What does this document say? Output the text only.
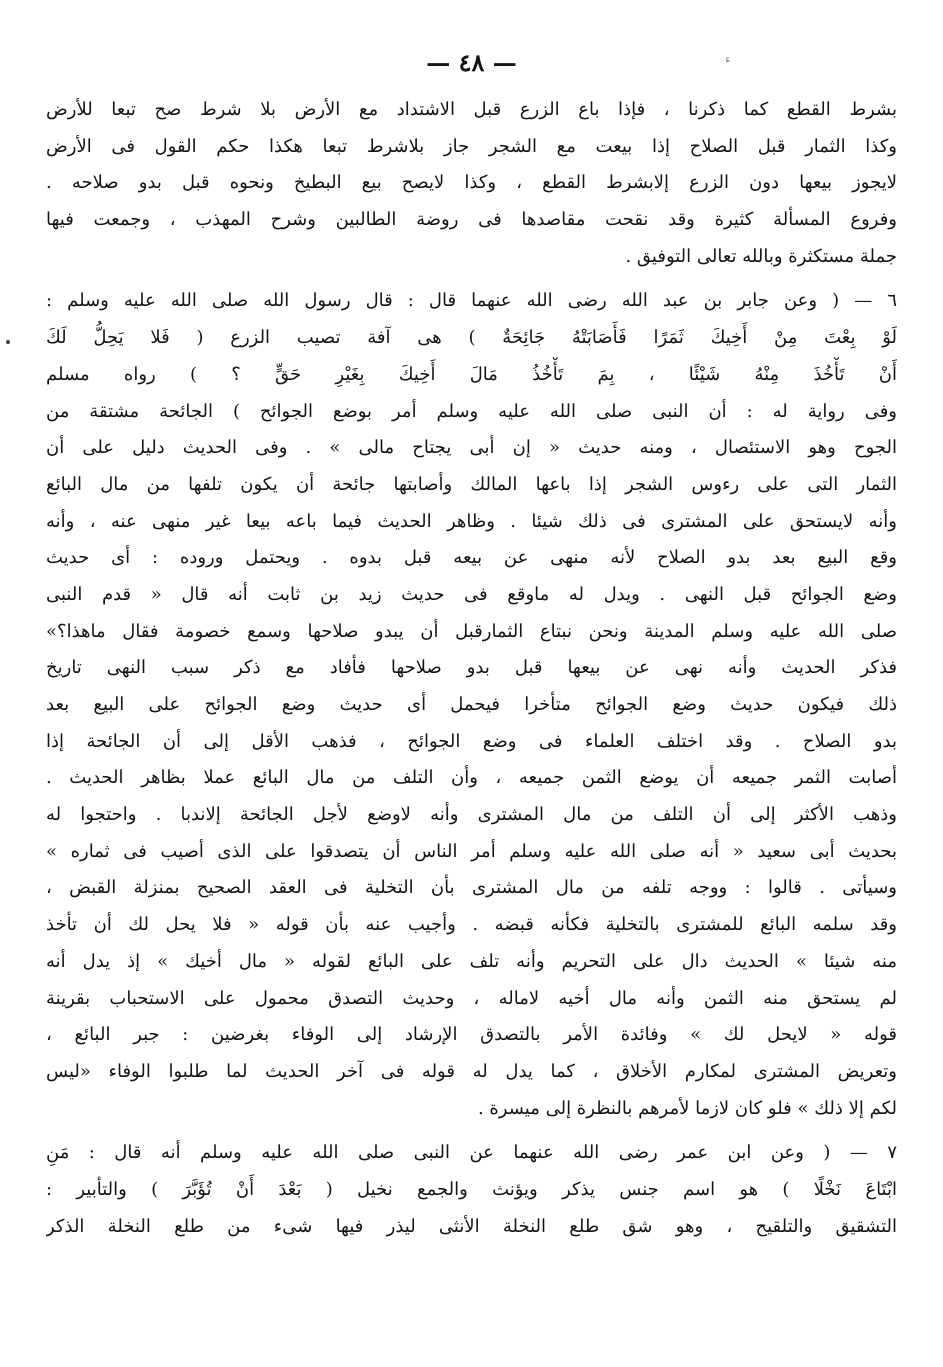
— ٤٨ —	ء
بشرط القطع كما ذكرنا ، فإذا باع الزرع قبل الاشتداد مع الأرض بلا شرط صح تبعا للأرض
وكذا الثمار قبل الصلاح إذا بيعت مع الشجر جاز بلاشرط تبعا هكذا حكم القول فى الأرض
لايجوز بيعها دون الزرع إلابشرط القطع ، وكذا لايصح بيع البطيخ ونحوه قبل بدو صلاحه .
وفروع المسألة كثيرة وقد نقحت مقاصدها فى روضة الطالبين وشرح المهذب ، وجمعت فيها
جملة مستكثرة وبالله تعالى التوفيق .
٦ — ( وعن جابر بن عبد الله رضى الله عنهما قال : قال رسول الله صلى الله عليه وسلم :
لَوْ بِعْتَ مِنْ أَخِيكَ ثَمَرًا فَأَصَابَتْهُ جَائِحَةٌ ) هى آفة تصيب الزرع ( فَلا يَحِلُّ لَكَ
أَنْ تَأْخُذَ مِنْهُ شَيْئًا ، بِمَ تَأْخُذُ مَالَ أَخِيكَ بِغَيْرِ حَقٍّ ؟ ) رواه مسلم
وفى رواية له : أن النبى صلى الله عليه وسلم أمر بوضع الجوائح ) الجائحة مشتقة من
الجوح وهو الاستئصال ، ومنه حديث « إن أبى يجتاح مالى » . وفى الحديث دليل على أن
الثمار التى على رءوس الشجر إذا باعها المالك وأصابتها جائحة أن يكون تلفها من مال البائع
وأنه لايستحق على المشترى فى ذلك شيئا . وظاهر الحديث فيما باعه بيعا غير منهى عنه ، وأنه
وقع البيع بعد بدو الصلاح لأنه منهى عن بيعه قبل بدوه . ويحتمل وروده : أى حديث
وضع الجوائح قبل النهى . ويدل له ماوقع فى حديث زيد بن ثابت أنه قال « قدم النبى
صلى الله عليه وسلم المدينة ونحن نبتاع الثمارقبل أن يبدو صلاحها وسمع خصومة فقال ماهذا؟»
فذكر الحديث وأنه نهى عن بيعها قبل بدو صلاحها فأفاد مع ذكر سبب النهى تاريخ
ذلك فيكون حديث وضع الجوائح متأخرا فيحمل أى حديث وضع الجوائح على البيع بعد
بدو الصلاح . وقد اختلف العلماء فى وضع الجوائح ، فذهب الأقل إلى أن الجائحة إذا
أصابت الثمر جميعه أن يوضع الثمن جميعه ، وأن التلف من مال البائع عملا بظاهر الحديث .
وذهب الأكثر إلى أن التلف من مال المشترى وأنه لاوضع لأجل الجائحة إلاندبا . واحتجوا له
بحديث أبى سعيد « أنه صلى الله عليه وسلم أمر الناس أن يتصدقوا على الذى أصيب فى ثماره »
وسيأتى . قالوا : ووجه تلفه من مال المشترى بأن التخلية فى العقد الصحيح بمنزلة القبض ،
وقد سلمه البائع للمشترى بالتخلية فكأنه قبضه . وأجيب عنه بأن قوله « فلا يحل لك أن تأخذ
منه شيئا » الحديث دال على التحريم وأنه تلف على البائع لقوله « مال أخيك » إذ يدل أنه
لم يستحق منه الثمن وأنه مال أخيه لاماله ، وحديث التصدق محمول على الاستحباب بقرينة
قوله « لايحل لك » وفائدة الأمر بالتصدق الإرشاد إلى الوفاء بغرضين : جبر البائع ،
وتعريض المشترى لمكارم الأخلاق ، كما يدل له قوله فى آخر الحديث لما طلبوا الوفاء «ليس
لكم إلا ذلك » فلو كان لازما لأمرهم بالنظرة إلى ميسرة .
٧ — ( وعن ابن عمر رضى الله عنهما عن النبى صلى الله عليه وسلم أنه قال : مَنِ
ابْتَاعَ نَخْلًا ) هو اسم جنس يذكر ويؤنث والجمع نخيل ( بَعْدَ أَنْ تُؤَبَّرَ ) والتأبير :
التشقيق والتلقيح ، وهو شق طلع النخلة الأنثى ليذر فيها شىء من طلع النخلة الذكر
